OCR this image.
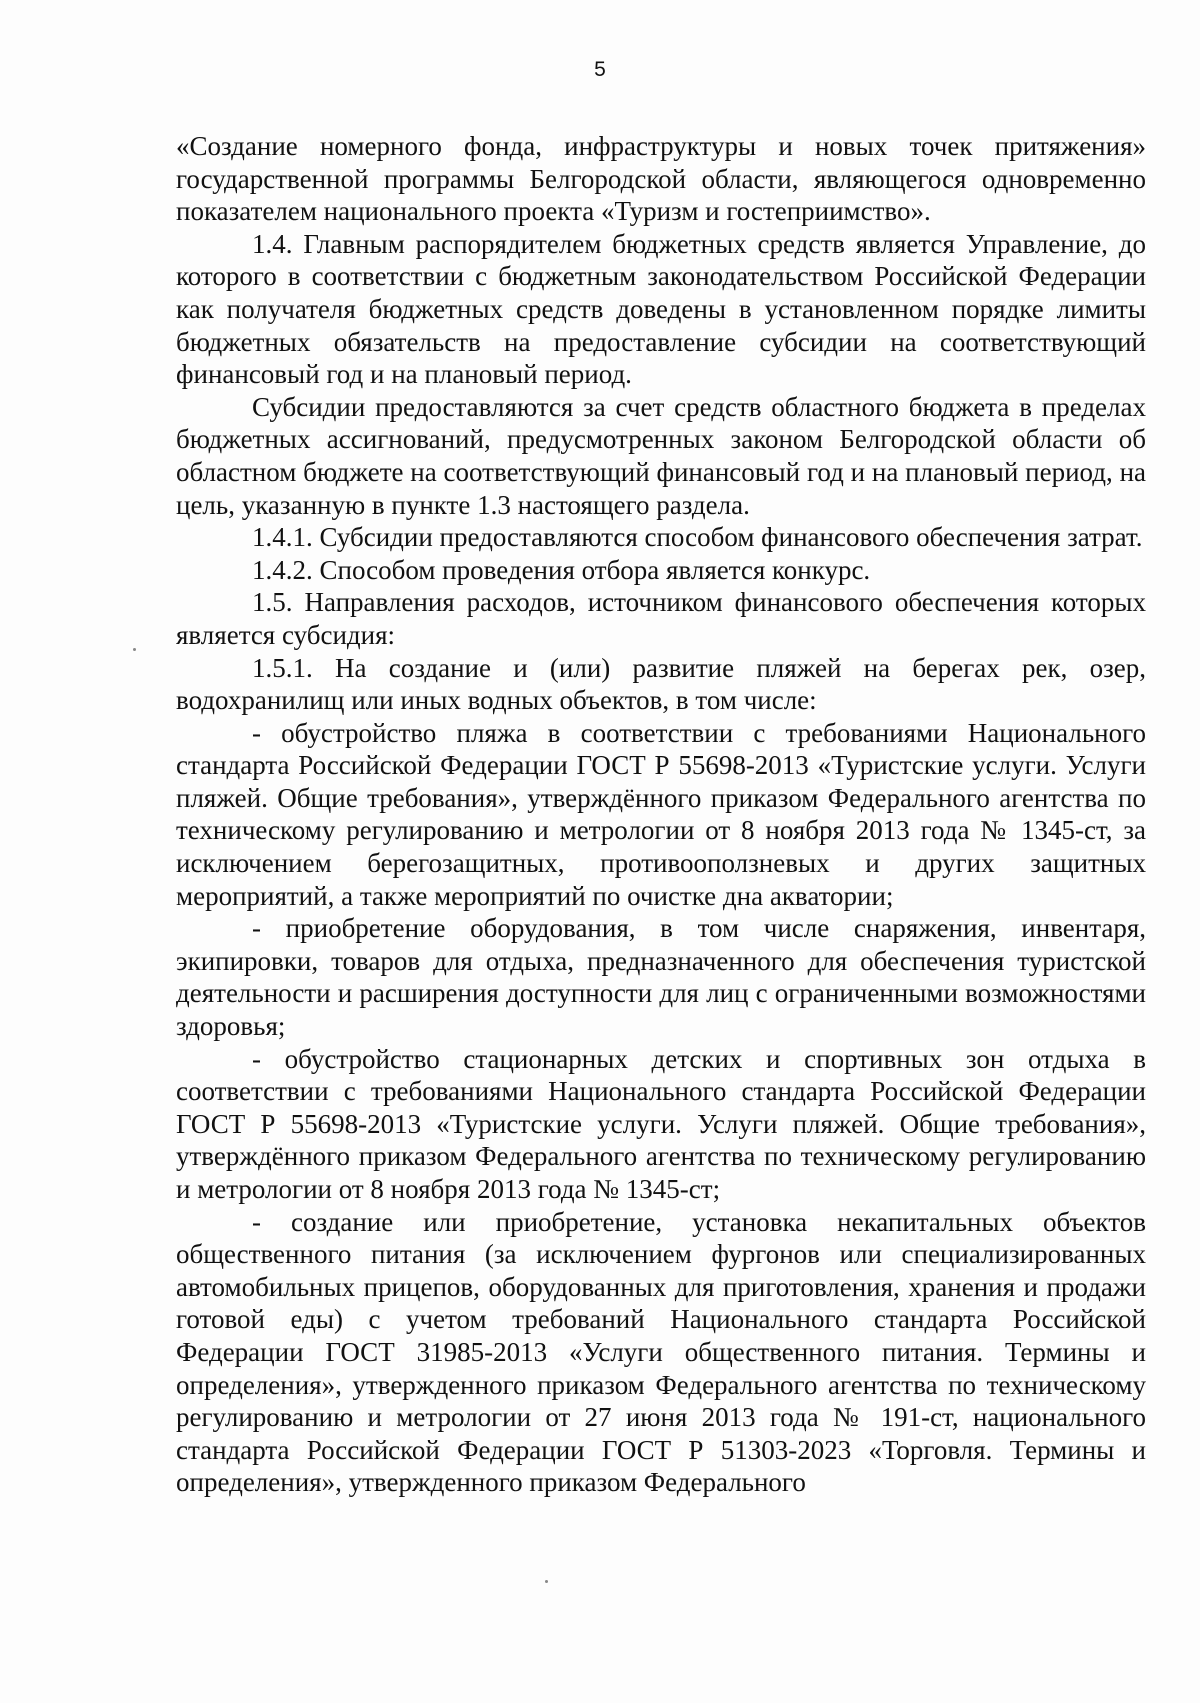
5

«Создание номерного фонда, инфраструктуры и новых точек притяжения» государственной программы Белгородской области, являющегося одновременно показателем национального проекта «Туризм и гостеприимство».

1.4. Главным распорядителем бюджетных средств является Управление, до которого в соответствии с бюджетным законодательством Российской Федерации как получателя бюджетных средств доведены в установленном порядке лимиты бюджетных обязательств на предоставление субсидии на соответствующий финансовый год и на плановый период.

Субсидии предоставляются за счет средств областного бюджета в пределах бюджетных ассигнований, предусмотренных законом Белгородской области об областном бюджете на соответствующий финансовый год и на плановый период, на цель, указанную в пункте 1.3 настоящего раздела.

1.4.1. Субсидии предоставляются способом финансового обеспечения затрат.

1.4.2. Способом проведения отбора является конкурс.

1.5. Направления расходов, источником финансового обеспечения которых является субсидия:

1.5.1. На создание и (или) развитие пляжей на берегах рек, озер, водохранилищ или иных водных объектов, в том числе:

- обустройство пляжа в соответствии с требованиями Национального стандарта Российской Федерации ГОСТ Р 55698-2013 «Туристские услуги. Услуги пляжей. Общие требования», утверждённого приказом Федерального агентства по техническому регулированию и метрологии от 8 ноября 2013 года № 1345-ст, за исключением берегозащитных, противооползневых и других защитных мероприятий, а также мероприятий по очистке дна акватории;

- приобретение оборудования, в том числе снаряжения, инвентаря, экипировки, товаров для отдыха, предназначенного для обеспечения туристской деятельности и расширения доступности для лиц с ограниченными возможностями здоровья;

- обустройство стационарных детских и спортивных зон отдыха в соответствии с требованиями Национального стандарта Российской Федерации ГОСТ Р 55698-2013 «Туристские услуги. Услуги пляжей. Общие требования», утверждённого приказом Федерального агентства по техническому регулированию и метрологии от 8 ноября 2013 года № 1345-ст;

- создание или приобретение, установка некапитальных объектов общественного питания (за исключением фургонов или специализированных автомобильных прицепов, оборудованных для приготовления, хранения и продажи готовой еды) с учетом требований Национального стандарта Российской Федерации ГОСТ 31985-2013 «Услуги общественного питания. Термины и определения», утвержденного приказом Федерального агентства по техническому регулированию и метрологии от 27 июня 2013 года № 191-ст, национального стандарта Российской Федерации ГОСТ Р 51303-2023 «Торговля. Термины и определения», утвержденного приказом Федерального
